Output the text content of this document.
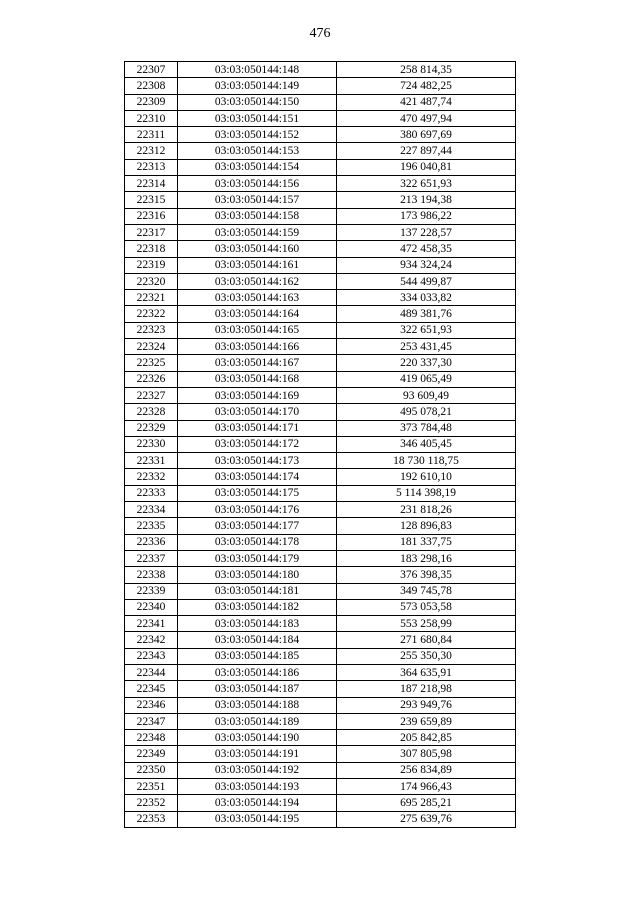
476
22307	03:03:050144:148	258 814,35
22308	03:03:050144:149	724 482,25
22309	03:03:050144:150	421 487,74
22310	03:03:050144:151	470 497,94
22311	03:03:050144:152	380 697,69
22312	03:03:050144:153	227 897,44
22313	03:03:050144:154	196 040,81
22314	03:03:050144:156	322 651,93
22315	03:03:050144:157	213 194,38
22316	03:03:050144:158	173 986,22
22317	03:03:050144:159	137 228,57
22318	03:03:050144:160	472 458,35
22319	03:03:050144:161	934 324,24
22320	03:03:050144:162	544 499,87
22321	03:03:050144:163	334 033,82
22322	03:03:050144:164	489 381,76
22323	03:03:050144:165	322 651,93
22324	03:03:050144:166	253 431,45
22325	03:03:050144:167	220 337,30
22326	03:03:050144:168	419 065,49
22327	03:03:050144:169	93 609,49
22328	03:03:050144:170	495 078,21
22329	03:03:050144:171	373 784,48
22330	03:03:050144:172	346 405,45
22331	03:03:050144:173	18 730 118,75
22332	03:03:050144:174	192 610,10
22333	03:03:050144:175	5 114 398,19
22334	03:03:050144:176	231 818,26
22335	03:03:050144:177	128 896,83
22336	03:03:050144:178	181 337,75
22337	03:03:050144:179	183 298,16
22338	03:03:050144:180	376 398,35
22339	03:03:050144:181	349 745,78
22340	03:03:050144:182	573 053,58
22341	03:03:050144:183	553 258,99
22342	03:03:050144:184	271 680,84
22343	03:03:050144:185	255 350,30
22344	03:03:050144:186	364 635,91
22345	03:03:050144:187	187 218,98
22346	03:03:050144:188	293 949,76
22347	03:03:050144:189	239 659,89
22348	03:03:050144:190	205 842,85
22349	03:03:050144:191	307 805,98
22350	03:03:050144:192	256 834,89
22351	03:03:050144:193	174 966,43
22352	03:03:050144:194	695 285,21
22353	03:03:050144:195	275 639,76
